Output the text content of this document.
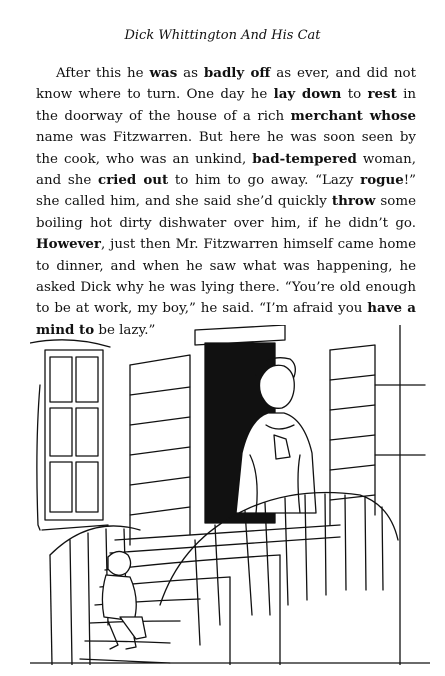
Dick Whittington And His Cat

After this he was as badly off as ever, and did not know where to turn. One day he lay down to rest in the doorway of the house of a rich merchant whose name was Fitzwarren. But here he was soon seen by the cook, who was an unkind, bad-tempered woman, and she cried out to him to go away. “Lazy rogue!” she called him, and she said she’d quickly throw some boiling hot dirty dishwater over him, if he didn’t go. However, just then Mr. Fitzwarren himself came home to dinner, and when he saw what was happening, he asked Dick why he was lying there. “You’re old enough to be at work, my boy,” he said. “I’m afraid you have a mind to be lazy.”
